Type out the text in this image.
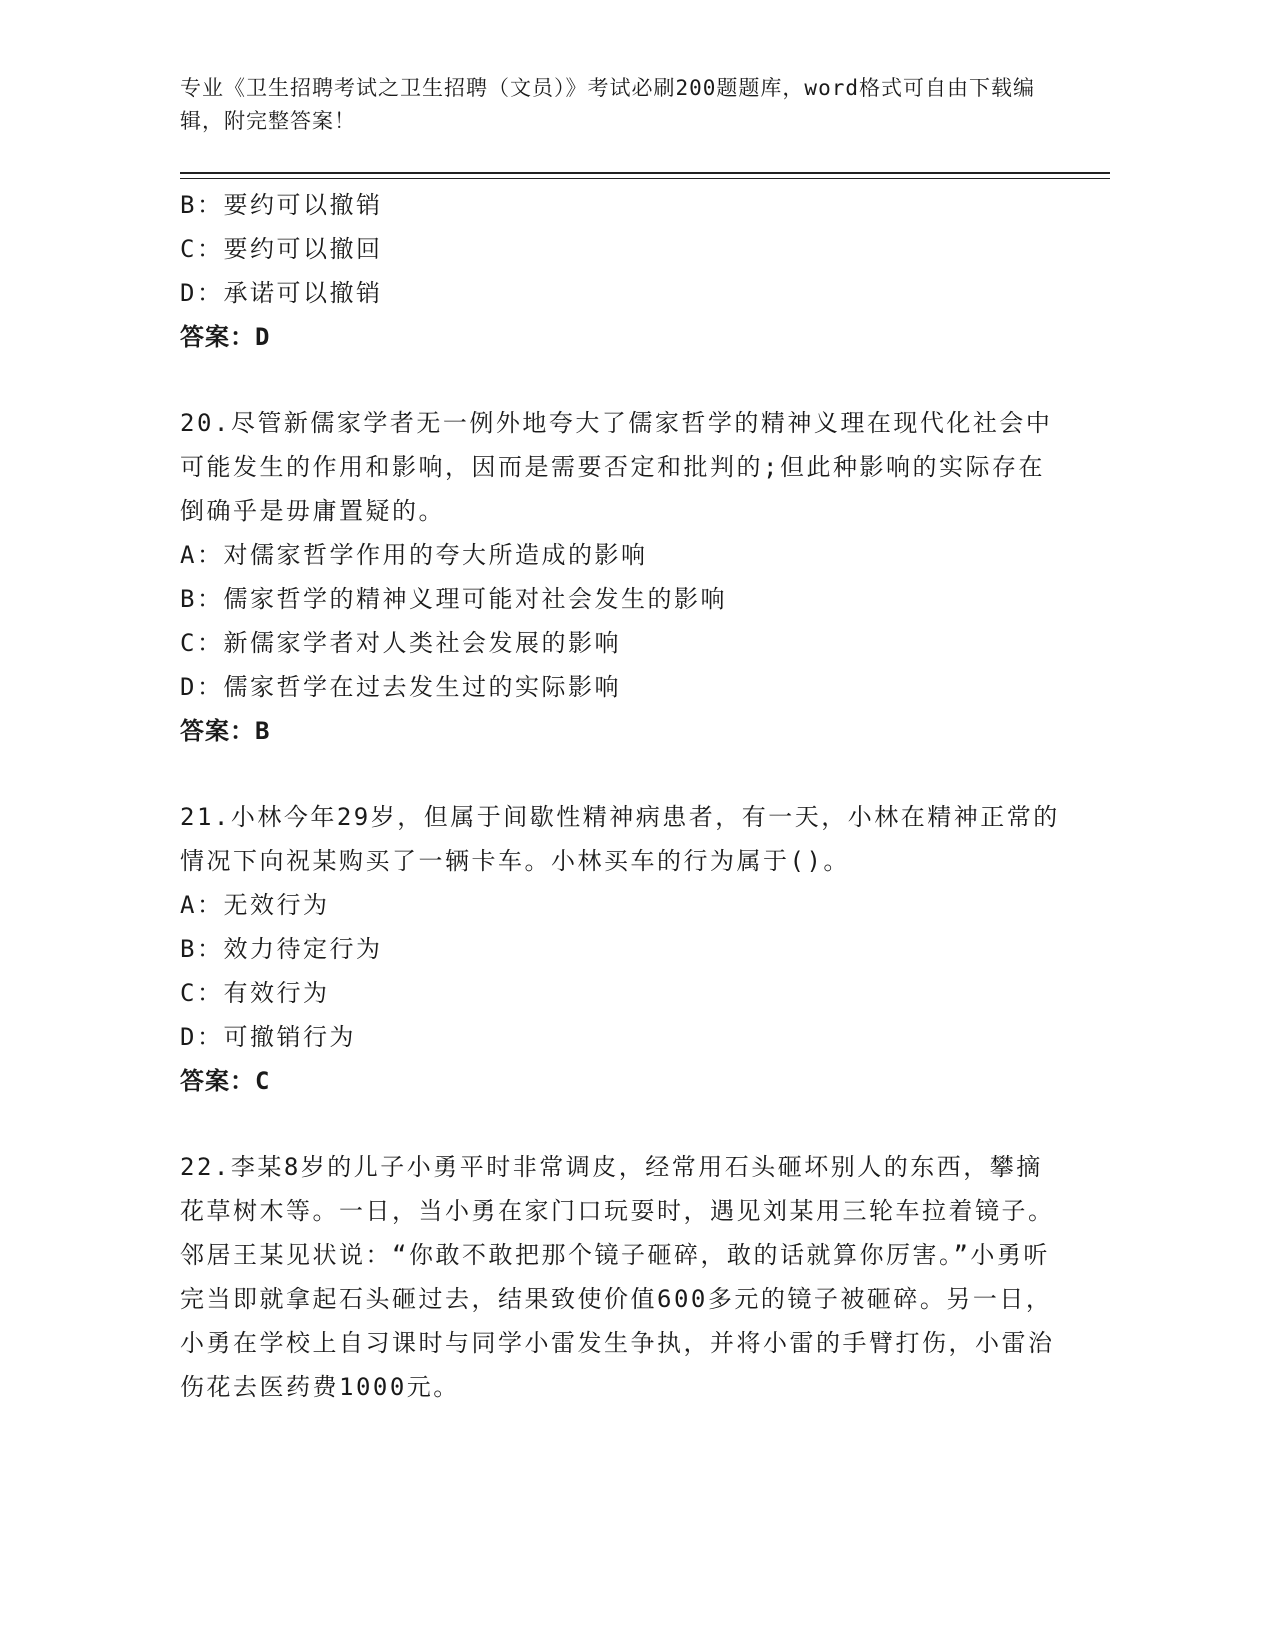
专业《卫生招聘考试之卫生招聘（文员）》考试必刷200题题库，word格式可自由下载编辑，附完整答案！
B：要约可以撤销
C：要约可以撤回
D：承诺可以撤销
答案：D
20.尽管新儒家学者无一例外地夸大了儒家哲学的精神义理在现代化社会中可能发生的作用和影响，因而是需要否定和批判的;但此种影响的实际存在倒确乎是毋庸置疑的。
A：对儒家哲学作用的夸大所造成的影响
B：儒家哲学的精神义理可能对社会发生的影响
C：新儒家学者对人类社会发展的影响
D：儒家哲学在过去发生过的实际影响
答案：B
21.小林今年29岁，但属于间歇性精神病患者，有一天，小林在精神正常的情况下向祝某购买了一辆卡车。小林买车的行为属于()。
A：无效行为
B：效力待定行为
C：有效行为
D：可撤销行为
答案：C
22.李某8岁的儿子小勇平时非常调皮，经常用石头砸坏别人的东西，攀摘花草树木等。一日，当小勇在家门口玩耍时，遇见刘某用三轮车拉着镜子。邻居王某见状说：“你敢不敢把那个镜子砸碎，敢的话就算你厉害。”小勇听完当即就拿起石头砸过去，结果致使价值600多元的镜子被砸碎。另一日，小勇在学校上自习课时与同学小雷发生争执，并将小雷的手臂打伤，小雷治伤花去医药费1000元。
